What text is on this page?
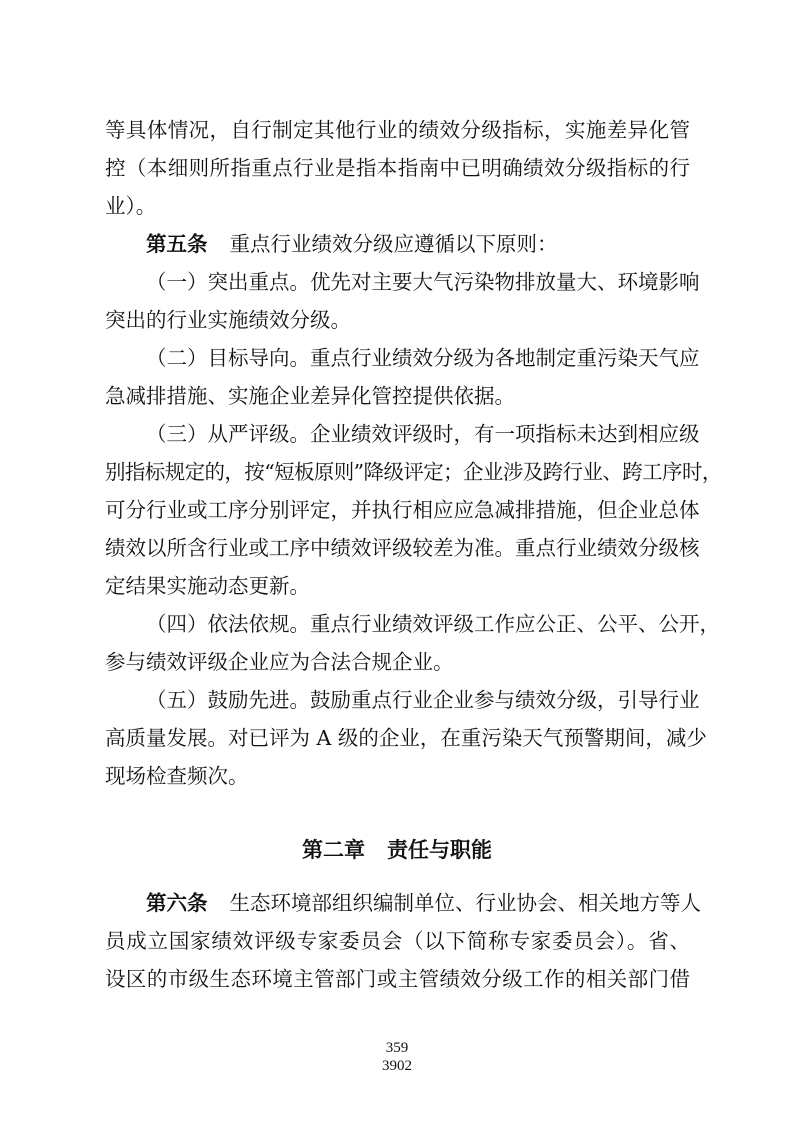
等具体情况，自行制定其他行业的绩效分级指标，实施差异化管
控（本细则所指重点行业是指本指南中已明确绩效分级指标的行
业）。
第五条 重点行业绩效分级应遵循以下原则：
（一）突出重点。优先对主要大气污染物排放量大、环境影响
突出的行业实施绩效分级。
（二）目标导向。重点行业绩效分级为各地制定重污染天气应
急减排措施、实施企业差异化管控提供依据。
（三）从严评级。企业绩效评级时，有一项指标未达到相应级
别指标规定的，按“短板原则”降级评定；企业涉及跨行业、跨工序时，
可分行业或工序分别评定，并执行相应应急减排措施，但企业总体
绩效以所含行业或工序中绩效评级较差为准。重点行业绩效分级核
定结果实施动态更新。
（四）依法依规。重点行业绩效评级工作应公正、公平、公开，
参与绩效评级企业应为合法合规企业。
（五）鼓励先进。鼓励重点行业企业参与绩效分级，引导行业
高质量发展。对已评为 A 级的企业，在重污染天气预警期间，减少
现场检查频次。
第二章 责任与职能
第六条 生态环境部组织编制单位、行业协会、相关地方等人
员成立国家绩效评级专家委员会（以下简称专家委员会）。省、
设区的市级生态环境主管部门或主管绩效分级工作的相关部门借
359
3902
